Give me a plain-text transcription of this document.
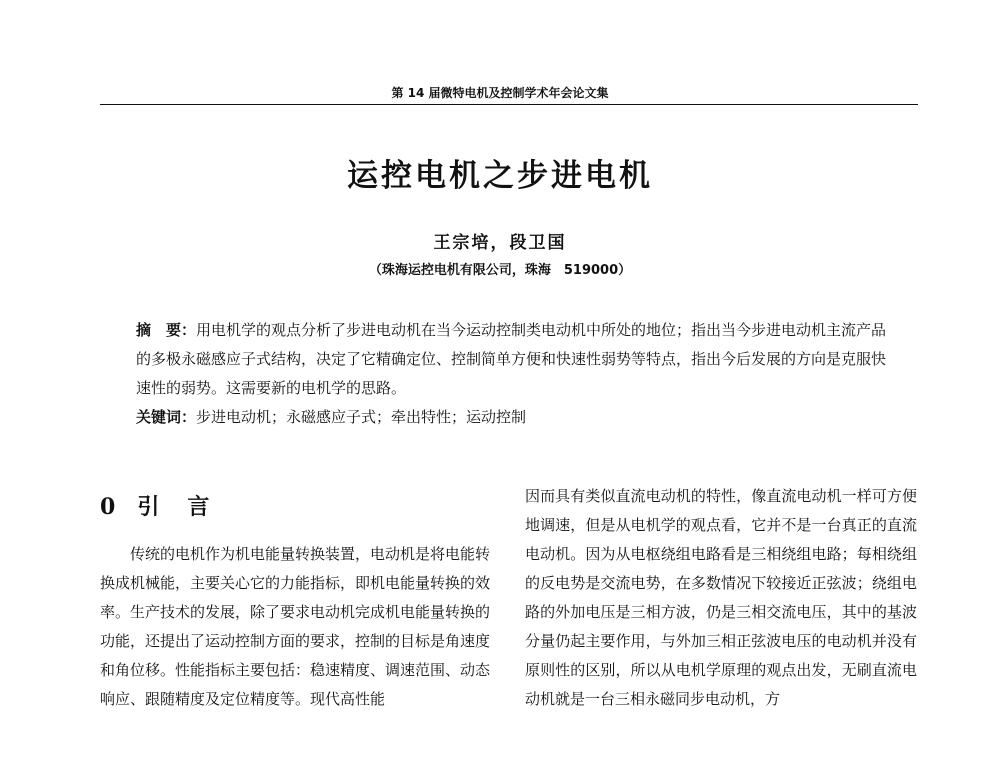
第 14 届微特电机及控制学术年会论文集
运控电机之步进电机
王宗培，段卫国
（珠海运控电机有限公司，珠海　519000）

摘　要：用电机学的观点分析了步进电动机在当今运动控制类电动机中所处的地位；指出当今步进电动机主流产品的多极永磁感应子式结构，决定了它精确定位、控制简单方便和快速性弱势等特点，指出今后发展的方向是克服快速性的弱势。这需要新的电机学的思路。

关键词：步进电动机；永磁感应子式；牵出特性；运动控制

0 引言

传统的电机作为机电能量转换装置，电动机是将电能转换成机械能，主要关心它的力能指标，即机电能量转换的效率。生产技术的发展，除了要求电动机完成机电能量转换的功能，还提出了运动控制方面的要求，控制的目标是角速度和角位移。性能指标主要包括：稳速精度、调速范围、动态响应、跟随精度及定位精度等。现代高性能

因而具有类似直流电动机的特性，像直流电动机一样可方便地调速，但是从电机学的观点看，它并不是一台真正的直流电动机。因为从电枢绕组电路看是三相绕组电路；每相绕组的反电势是交流电势，在多数情况下较接近正弦波；绕组电路的外加电压是三相方波，仍是三相交流电压，其中的基波分量仍起主要作用，与外加三相正弦波电压的电动机并没有原则性的区别，所以从电机学原理的观点出发，无刷直流电动机就是一台三相永磁同步电动机，方
